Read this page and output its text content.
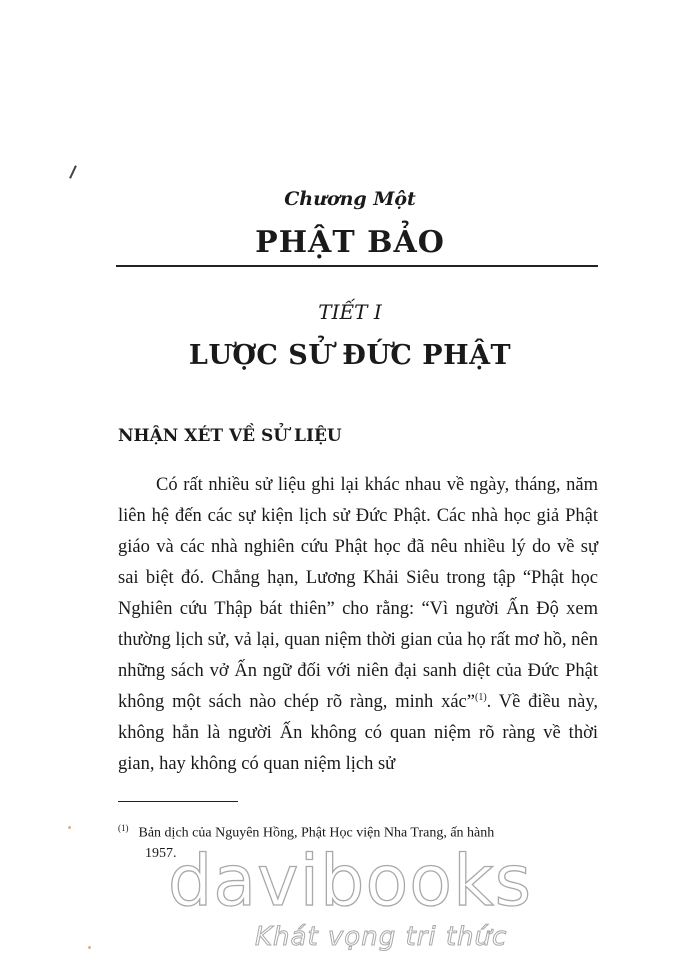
Chương Một
PHẬT BẢO
TIẾT I
LƯỢC SỬ ĐỨC PHẬT
NHẬN XÉT VỀ SỬ LIỆU

Có rất nhiều sử liệu ghi lại khác nhau về ngày, tháng, năm liên hệ đến các sự kiện lịch sử Đức Phật. Các nhà học giả Phật giáo và các nhà nghiên cứu Phật học đã nêu nhiều lý do về sự sai biệt đó. Chẳng hạn, Lương Khải Siêu trong tập “Phật học Nghiên cứu Thập bát thiên” cho rằng: “Vì người Ấn Độ xem thường lịch sử, vả lại, quan niệm thời gian của họ rất mơ hồ, nên những sách vở Ấn ngữ đối với niên đại sanh diệt của Đức Phật không một sách nào chép rõ ràng, minh xác”$^{(1)}$. Về điều này, không hẳn là người Ấn không có quan niệm rõ ràng về thời gian, hay không có quan niệm lịch sử

$^{(1)}$ Bản dịch của Nguyên Hồng, Phật Học viện Nha Trang, ấn hành
1957.
davibooks
Khát vọng tri thức
